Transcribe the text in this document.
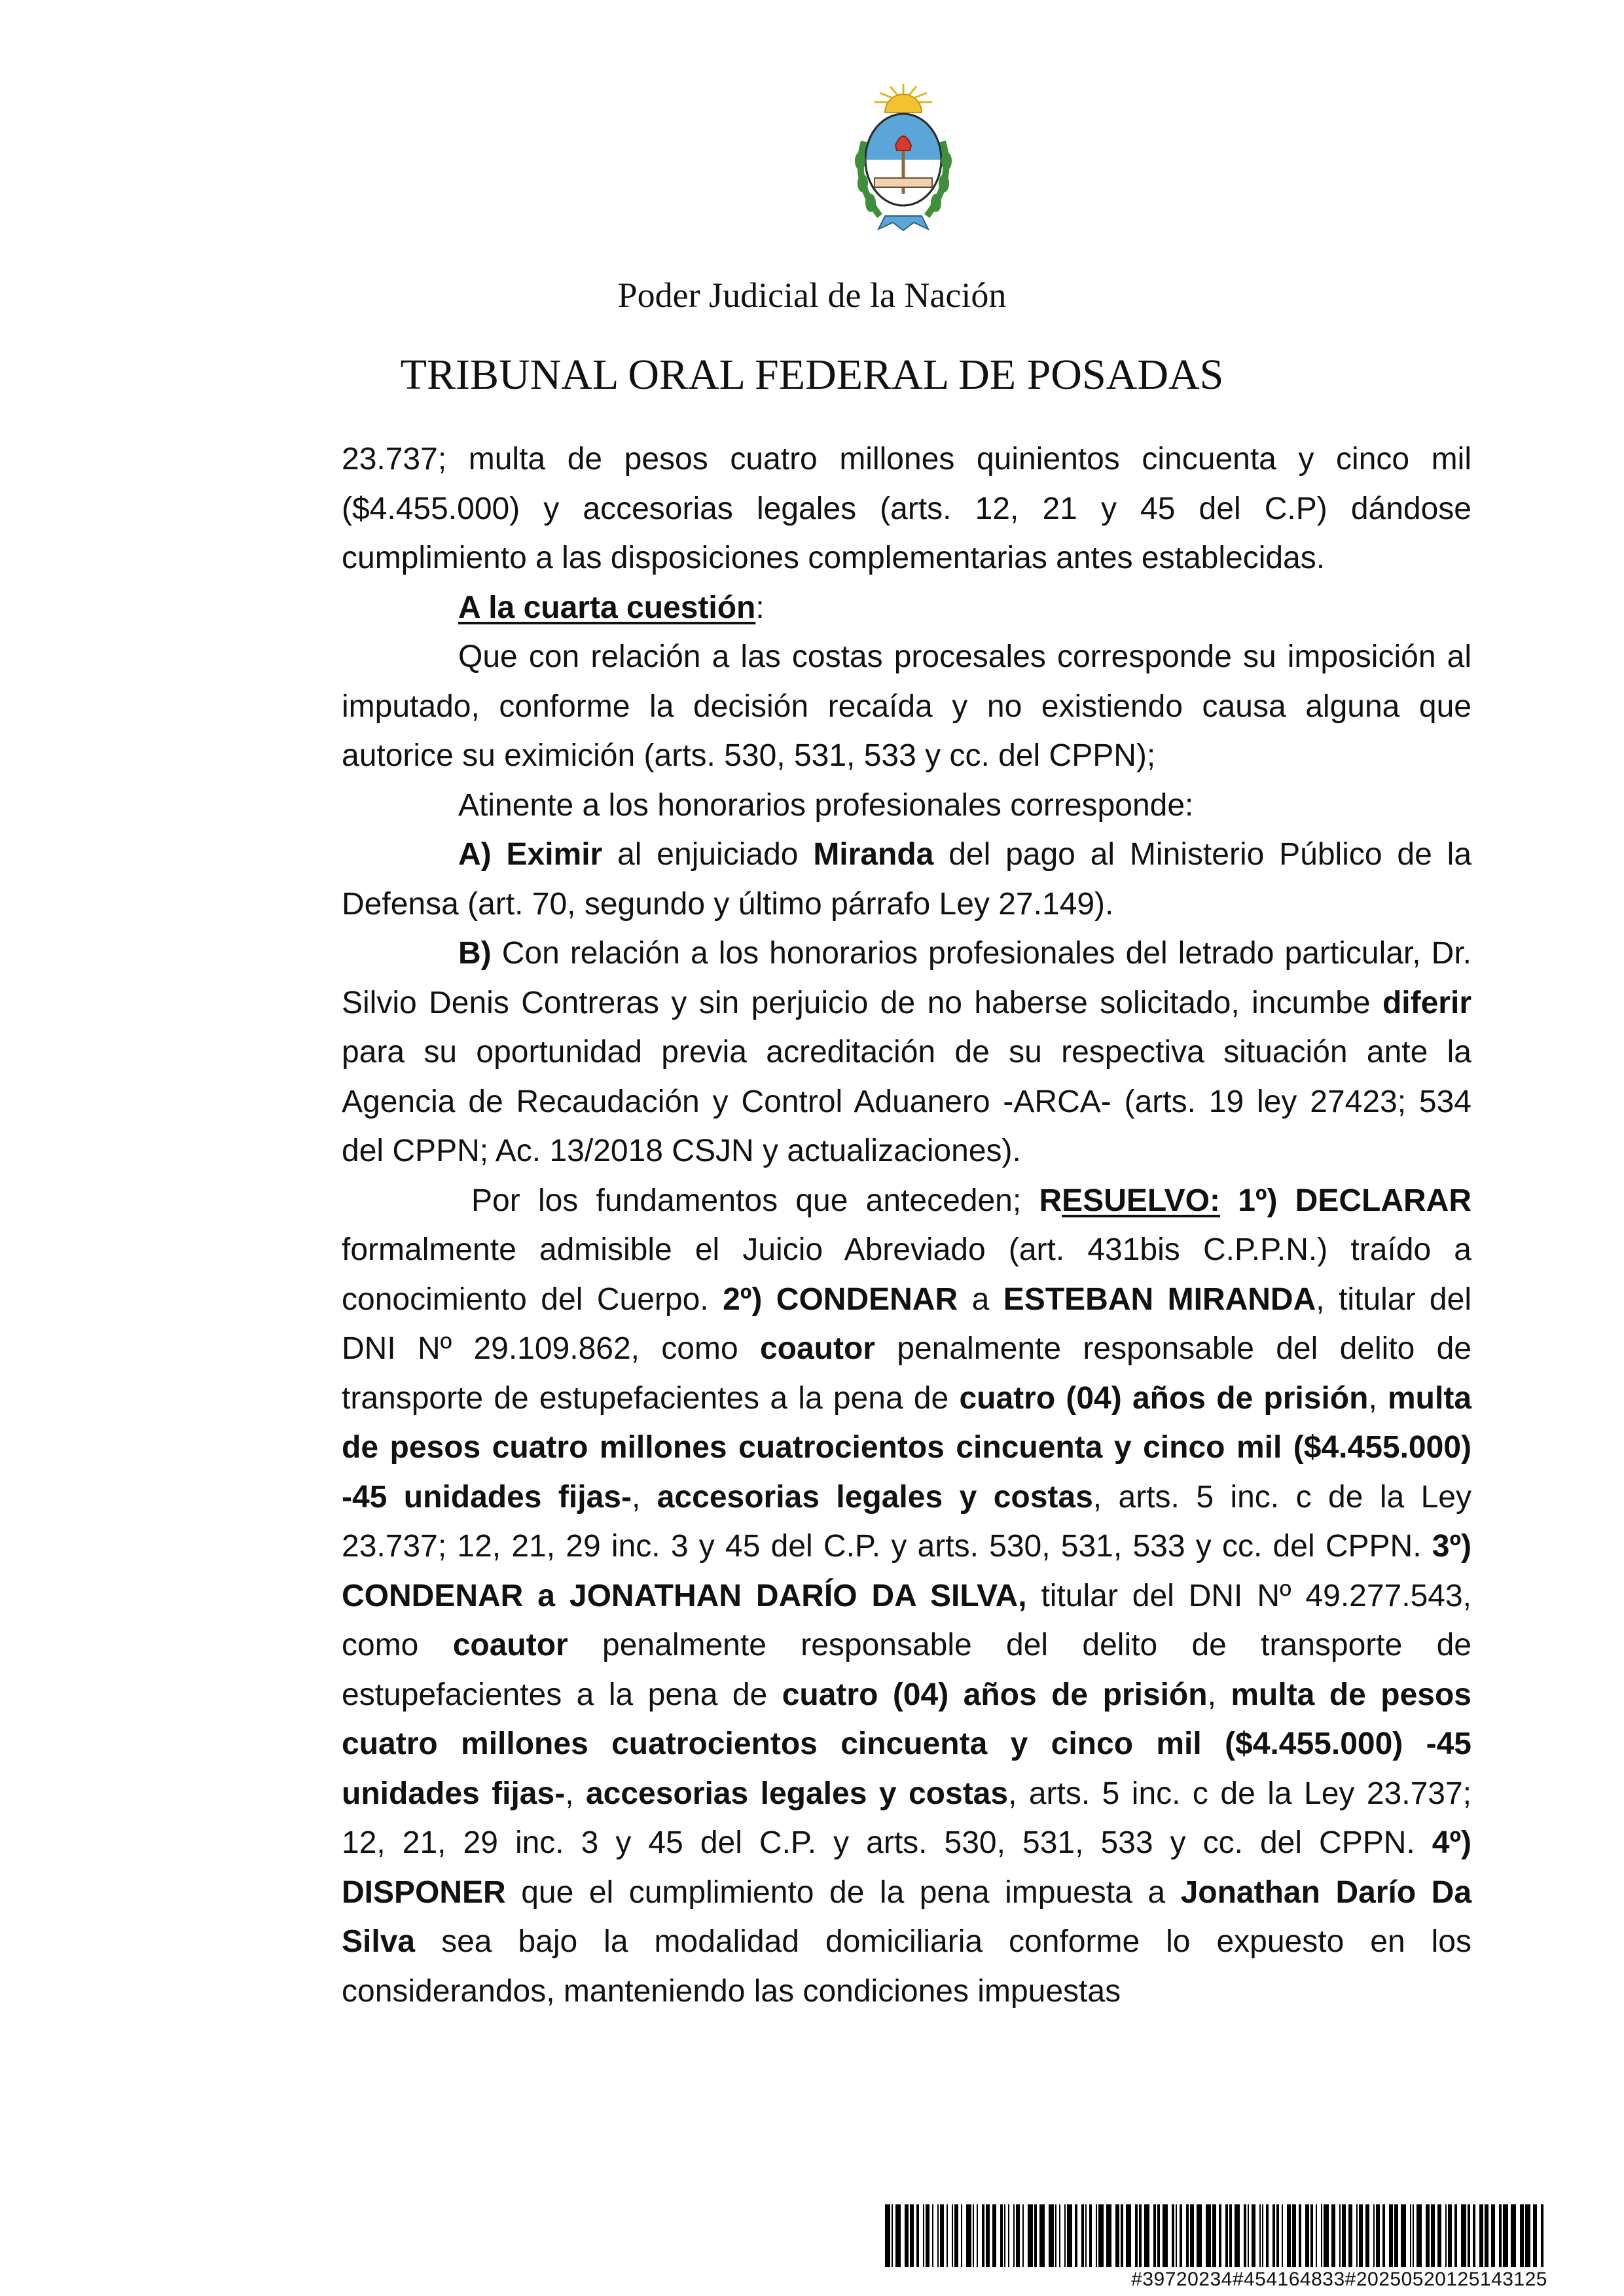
Poder Judicial de la Nación
TRIBUNAL ORAL FEDERAL DE POSADAS

23.737; multa de pesos cuatro millones quinientos cincuenta y cinco mil ($4.455.000) y accesorias legales (arts. 12, 21 y 45 del C.P) dándose cumplimiento a las disposiciones complementarias antes establecidas.

A la cuarta cuestión:

Que con relación a las costas procesales corresponde su imposición al imputado, conforme la decisión recaída y no existiendo causa alguna que autorice su eximición (arts. 530, 531, 533 y cc. del CPPN);

Atinente a los honorarios profesionales corresponde:

A) Eximir al enjuiciado Miranda del pago al Ministerio Público de la Defensa (art. 70, segundo y último párrafo Ley 27.149).

B) Con relación a los honorarios profesionales del letrado particular, Dr. Silvio Denis Contreras y sin perjuicio de no haberse solicitado, incumbe diferir para su oportunidad previa acreditación de su respectiva situación ante la Agencia de Recaudación y Control Aduanero -ARCA- (arts. 19 ley 27423; 534 del CPPN; Ac. 13/2018 CSJN y actualizaciones).

Por los fundamentos que anteceden; RESUELVO: 1º) DECLARAR formalmente admisible el Juicio Abreviado (art. 431bis C.P.P.N.) traído a conocimiento del Cuerpo. 2º) CONDENAR a ESTEBAN MIRANDA, titular del DNI Nº 29.109.862, como coautor penalmente responsable del delito de transporte de estupefacientes a la pena de cuatro (04) años de prisión, multa de pesos cuatro millones cuatrocientos cincuenta y cinco mil ($4.455.000) -45 unidades fijas-, accesorias legales y costas, arts. 5 inc. c de la Ley 23.737; 12, 21, 29 inc. 3 y 45 del C.P. y arts. 530, 531, 533 y cc. del CPPN. 3º) CONDENAR a JONATHAN DARÍO DA SILVA, titular del DNI Nº 49.277.543, como coautor penalmente responsable del delito de transporte de estupefacientes a la pena de cuatro (04) años de prisión, multa de pesos cuatro millones cuatrocientos cincuenta y cinco mil ($4.455.000) -45 unidades fijas-, accesorias legales y costas, arts. 5 inc. c de la Ley 23.737; 12, 21, 29 inc. 3 y 45 del C.P. y arts. 530, 531, 533 y cc. del CPPN. 4º) DISPONER que el cumplimiento de la pena impuesta a Jonathan Darío Da Silva sea bajo la modalidad domiciliaria conforme lo expuesto en los considerandos, manteniendo las condiciones impuestas

#39720234#454164833#20250520125143125
